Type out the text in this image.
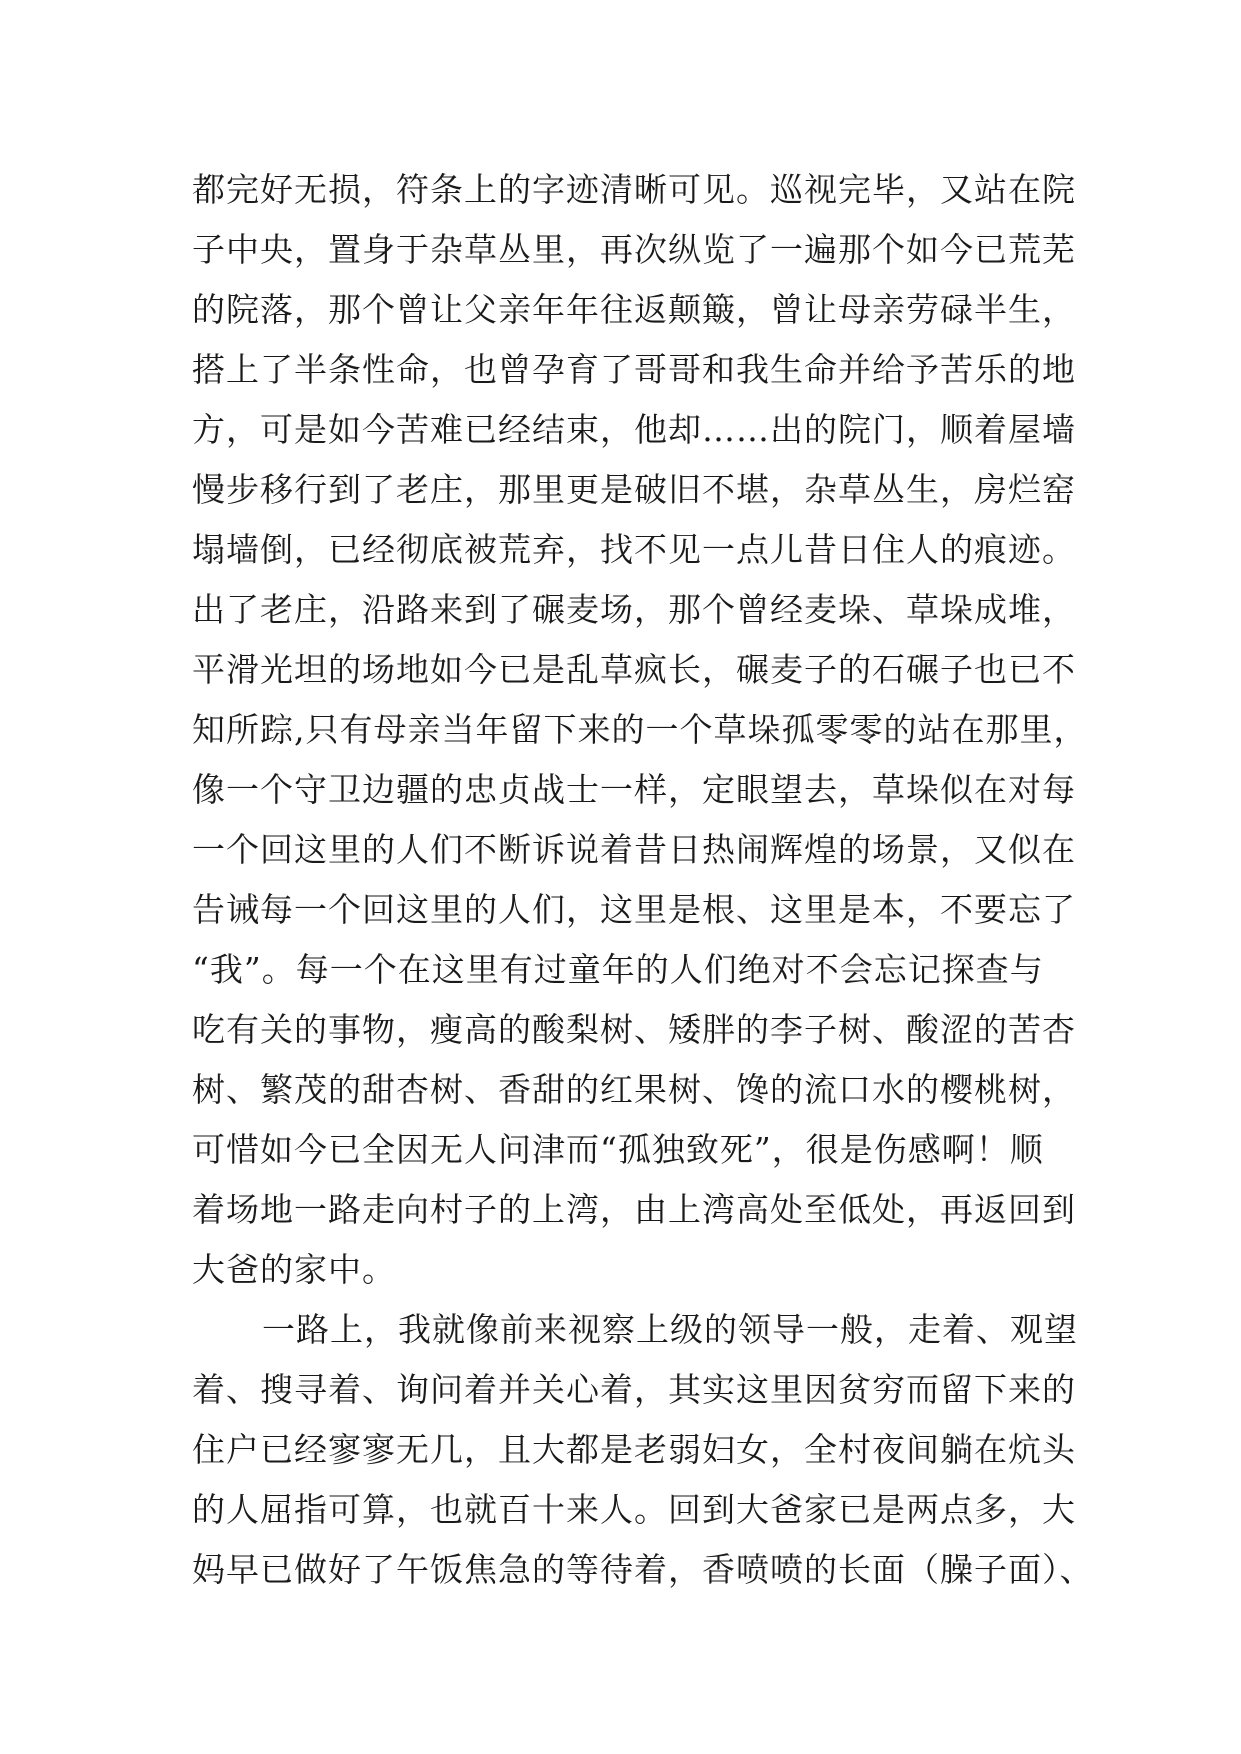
都完好无损，符条上的字迹清晰可见。巡视完毕，又站在院
子中央，置身于杂草丛里，再次纵览了一遍那个如今已荒芜
的院落，那个曾让父亲年年往返颠簸，曾让母亲劳碌半生，
搭上了半条性命，也曾孕育了哥哥和我生命并给予苦乐的地
方，可是如今苦难已经结束，他却……出的院门，顺着屋墙
慢步移行到了老庄，那里更是破旧不堪，杂草丛生，房烂窑
塌墙倒，已经彻底被荒弃，找不见一点儿昔日住人的痕迹。
出了老庄，沿路来到了碾麦场，那个曾经麦垛、草垛成堆，
平滑光坦的场地如今已是乱草疯长，碾麦子的石碾子也已不
知所踪,只有母亲当年留下来的一个草垛孤零零的站在那里，
像一个守卫边疆的忠贞战士一样，定眼望去，草垛似在对每
一个回这里的人们不断诉说着昔日热闹辉煌的场景，又似在
告诫每一个回这里的人们，这里是根、这里是本，不要忘了
“我”。每一个在这里有过童年的人们绝对不会忘记探查与
吃有关的事物，瘦高的酸梨树、矮胖的李子树、酸涩的苦杏
树、繁茂的甜杏树、香甜的红果树、馋的流口水的樱桃树，
可惜如今已全因无人问津而“孤独致死”，很是伤感啊！顺
着场地一路走向村子的上湾，由上湾高处至低处，再返回到
大爸的家中。
一路上，我就像前来视察上级的领导一般，走着、观望
着、搜寻着、询问着并关心着，其实这里因贫穷而留下来的
住户已经寥寥无几，且大都是老弱妇女，全村夜间躺在炕头
的人屈指可算，也就百十来人。回到大爸家已是两点多，大
妈早已做好了午饭焦急的等待着，香喷喷的长面（臊子面）、
